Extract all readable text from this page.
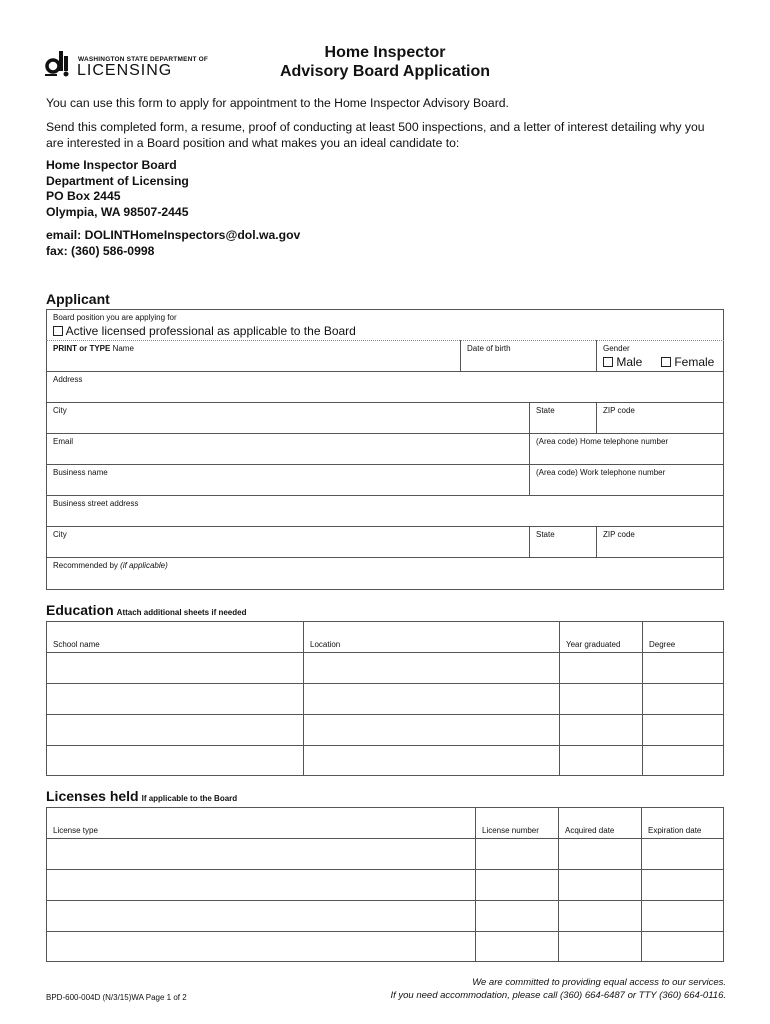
WASHINGTON STATE DEPARTMENT OF
LICENSING
Home Inspector
Advisory Board Application
You can use this form to apply for appointment to the Home Inspector Advisory Board.
Send this completed form, a resume, proof of conducting at least 500 inspections, and a letter of interest detailing why you
are interested in a Board position and what makes you an ideal candidate to:
Home Inspector Board
Department of Licensing
PO Box 2445
Olympia, WA 98507-2445
email: DOLINTHomeInspectors@dol.wa.gov
fax: (360) 586-0998
Applicant
Board position you are applying for
Active licensed professional as applicable to the Board
PRINT or TYPE Name	Date of birth	Gender
Male	Female
Address
City	State	ZIP code
Email	(Area code) Home telephone number
Business name	(Area code) Work telephone number
Business street address
City	State	ZIP code
Recommended by (if applicable)
Education Attach additional sheets if needed
School name	Location	Year graduated	Degree
Licenses held If applicable to the Board
License type	License number	Acquired date	Expiration date
BPD-600-004D (N/3/15)WA Page 1 of 2
We are committed to providing equal access to our services.
If you need accommodation, please call (360) 664-6487 or TTY (360) 664-0116.
